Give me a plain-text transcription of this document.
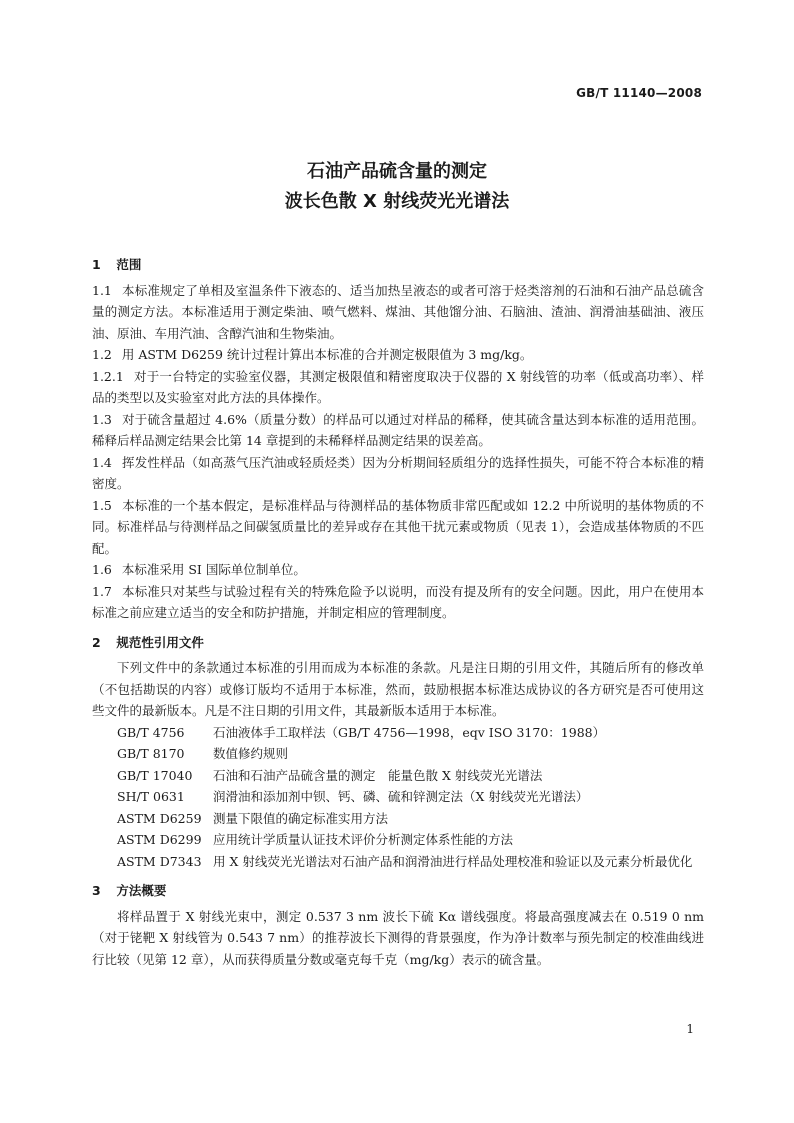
GB/T 11140—2008
石油产品硫含量的测定
波长色散 X 射线荧光光谱法
1 范围

1.1 本标准规定了单相及室温条件下液态的、适当加热呈液态的或者可溶于烃类溶剂的石油和石油产品总硫含量的测定方法。本标准适用于测定柴油、喷气燃料、煤油、其他馏分油、石脑油、渣油、润滑油基础油、液压油、原油、车用汽油、含醇汽油和生物柴油。

1.2 用 ASTM D6259 统计过程计算出本标准的合并测定极限值为 3 mg/kg。

1.2.1 对于一台特定的实验室仪器，其测定极限值和精密度取决于仪器的 X 射线管的功率（低或高功率）、样品的类型以及实验室对此方法的具体操作。

1.3 对于硫含量超过 4.6%（质量分数）的样品可以通过对样品的稀释，使其硫含量达到本标准的适用范围。稀释后样品测定结果会比第 14 章提到的未稀释样品测定结果的误差高。

1.4 挥发性样品（如高蒸气压汽油或轻质烃类）因为分析期间轻质组分的选择性损失，可能不符合本标准的精密度。

1.5 本标准的一个基本假定，是标准样品与待测样品的基体物质非常匹配或如 12.2 中所说明的基体物质的不同。标准样品与待测样品之间碳氢质量比的差异或存在其他干扰元素或物质（见表 1），会造成基体物质的不匹配。

1.6 本标准采用 SI 国际单位制单位。

1.7 本标准只对某些与试验过程有关的特殊危险予以说明，而没有提及所有的安全问题。因此，用户在使用本标准之前应建立适当的安全和防护措施，并制定相应的管理制度。

2 规范性引用文件

下列文件中的条款通过本标准的引用而成为本标准的条款。凡是注日期的引用文件，其随后所有的修改单（不包括勘误的内容）或修订版均不适用于本标准，然而，鼓励根据本标准达成协议的各方研究是否可使用这些文件的最新版本。凡是不注日期的引用文件，其最新版本适用于本标准。

GB/T 4756 石油液体手工取样法（GB/T 4756—1998，eqv ISO 3170：1988）

GB/T 8170 数值修约规则

GB/T 17040 石油和石油产品硫含量的测定　能量色散 X 射线荧光光谱法

SH/T 0631 润滑油和添加剂中钡、钙、磷、硫和锌测定法（X 射线荧光光谱法）

ASTM D6259 测量下限值的确定标准实用方法

ASTM D6299 应用统计学质量认证技术评价分析测定体系性能的方法

ASTM D7343 用 X 射线荧光光谱法对石油产品和润滑油进行样品处理校准和验证以及元素分析最优化

3 方法概要

将样品置于 X 射线光束中，测定 0.537 3 nm 波长下硫 Kα 谱线强度。将最高强度减去在 0.519 0 nm（对于铑靶 X 射线管为 0.543 7 nm）的推荐波长下测得的背景强度，作为净计数率与预先制定的校准曲线进行比较（见第 12 章），从而获得质量分数或毫克每千克（mg/kg）表示的硫含量。

1
